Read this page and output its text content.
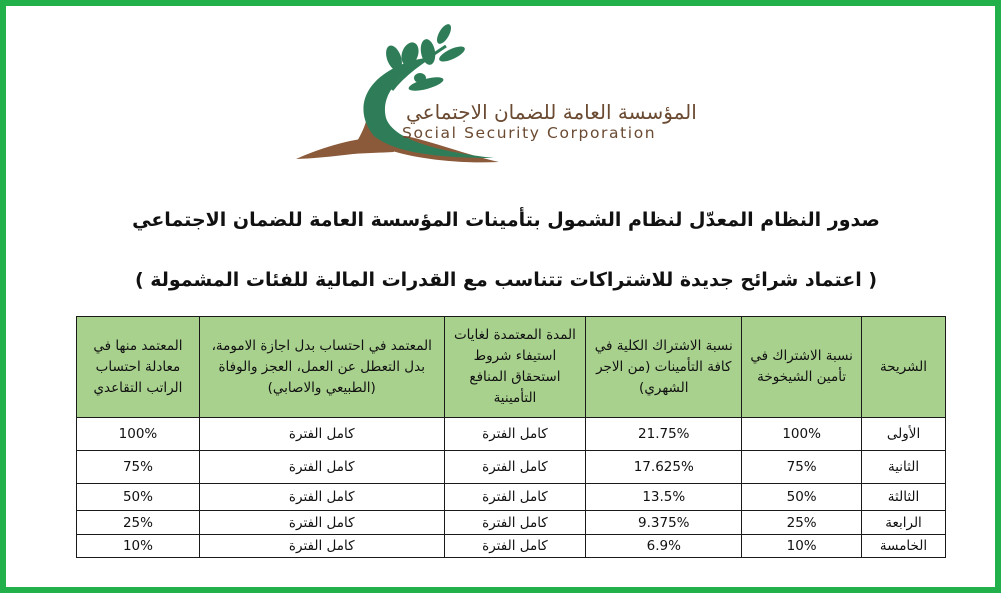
المؤسسة العامة للضمان الاجتماعي
Social Security Corporation
صدور النظام المعدّل لنظام الشمول بتأمينات المؤسسة العامة للضمان الاجتماعي
( اعتماد شرائح جديدة للاشتراكات تتناسب مع القدرات المالية للفئات المشمولة )
الشريحة	نسبة الاشتراك في تأمين الشيخوخة	نسبة الاشتراك الكلية في كافة التأمينات (من الاجر الشهري)	المدة المعتمدة لغايات استيفاء شروط استحقاق المنافع التأمينية	المعتمد في احتساب بدل اجازة الامومة، بدل التعطل عن العمل، العجز والوفاة (الطبيعي والاصابي)	المعتمد منها في معادلة احتساب الراتب التقاعدي
الأولى	100%	21.75%	كامل الفترة	كامل الفترة	100%
الثانية	75%	17.625%	كامل الفترة	كامل الفترة	75%
الثالثة	50%	13.5%	كامل الفترة	كامل الفترة	50%
الرابعة	25%	9.375%	كامل الفترة	كامل الفترة	25%
الخامسة	10%	6.9%	كامل الفترة	كامل الفترة	10%
